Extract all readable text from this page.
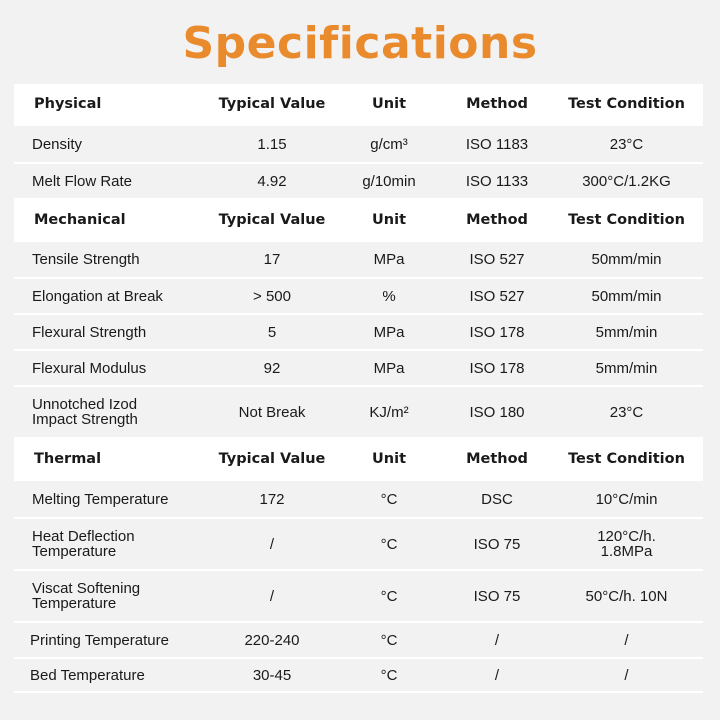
Specifications
Physical	Typical Value	Unit	Method	Test Condition
Density	1.15	g/cm³	ISO 1183	23°C
Melt Flow Rate	4.92	g/10min	ISO 1133	300°C/1.2KG
Mechanical	Typical Value	Unit	Method	Test Condition
Tensile Strength	17	MPa	ISO 527	50mm/min
Elongation at Break	> 500	%	ISO 527	50mm/min
Flexural Strength	5	MPa	ISO 178	5mm/min
Flexural Modulus	92	MPa	ISO 178	5mm/min
Unnotched Izod
Impact Strength	Not Break	KJ/m²	ISO 180	23°C
Thermal	Typical Value	Unit	Method	Test Condition
Melting Temperature	172	°C	DSC	10°C/min
Heat Deflection
Temperature	/	°C	ISO 75	120°C/h.
1.8MPa
Viscat Softening
Temperature	/	°C	ISO 75	50°C/h. 10N
Printing Temperature	220-240	°C	/	/
Bed Temperature	30-45	°C	/	/
